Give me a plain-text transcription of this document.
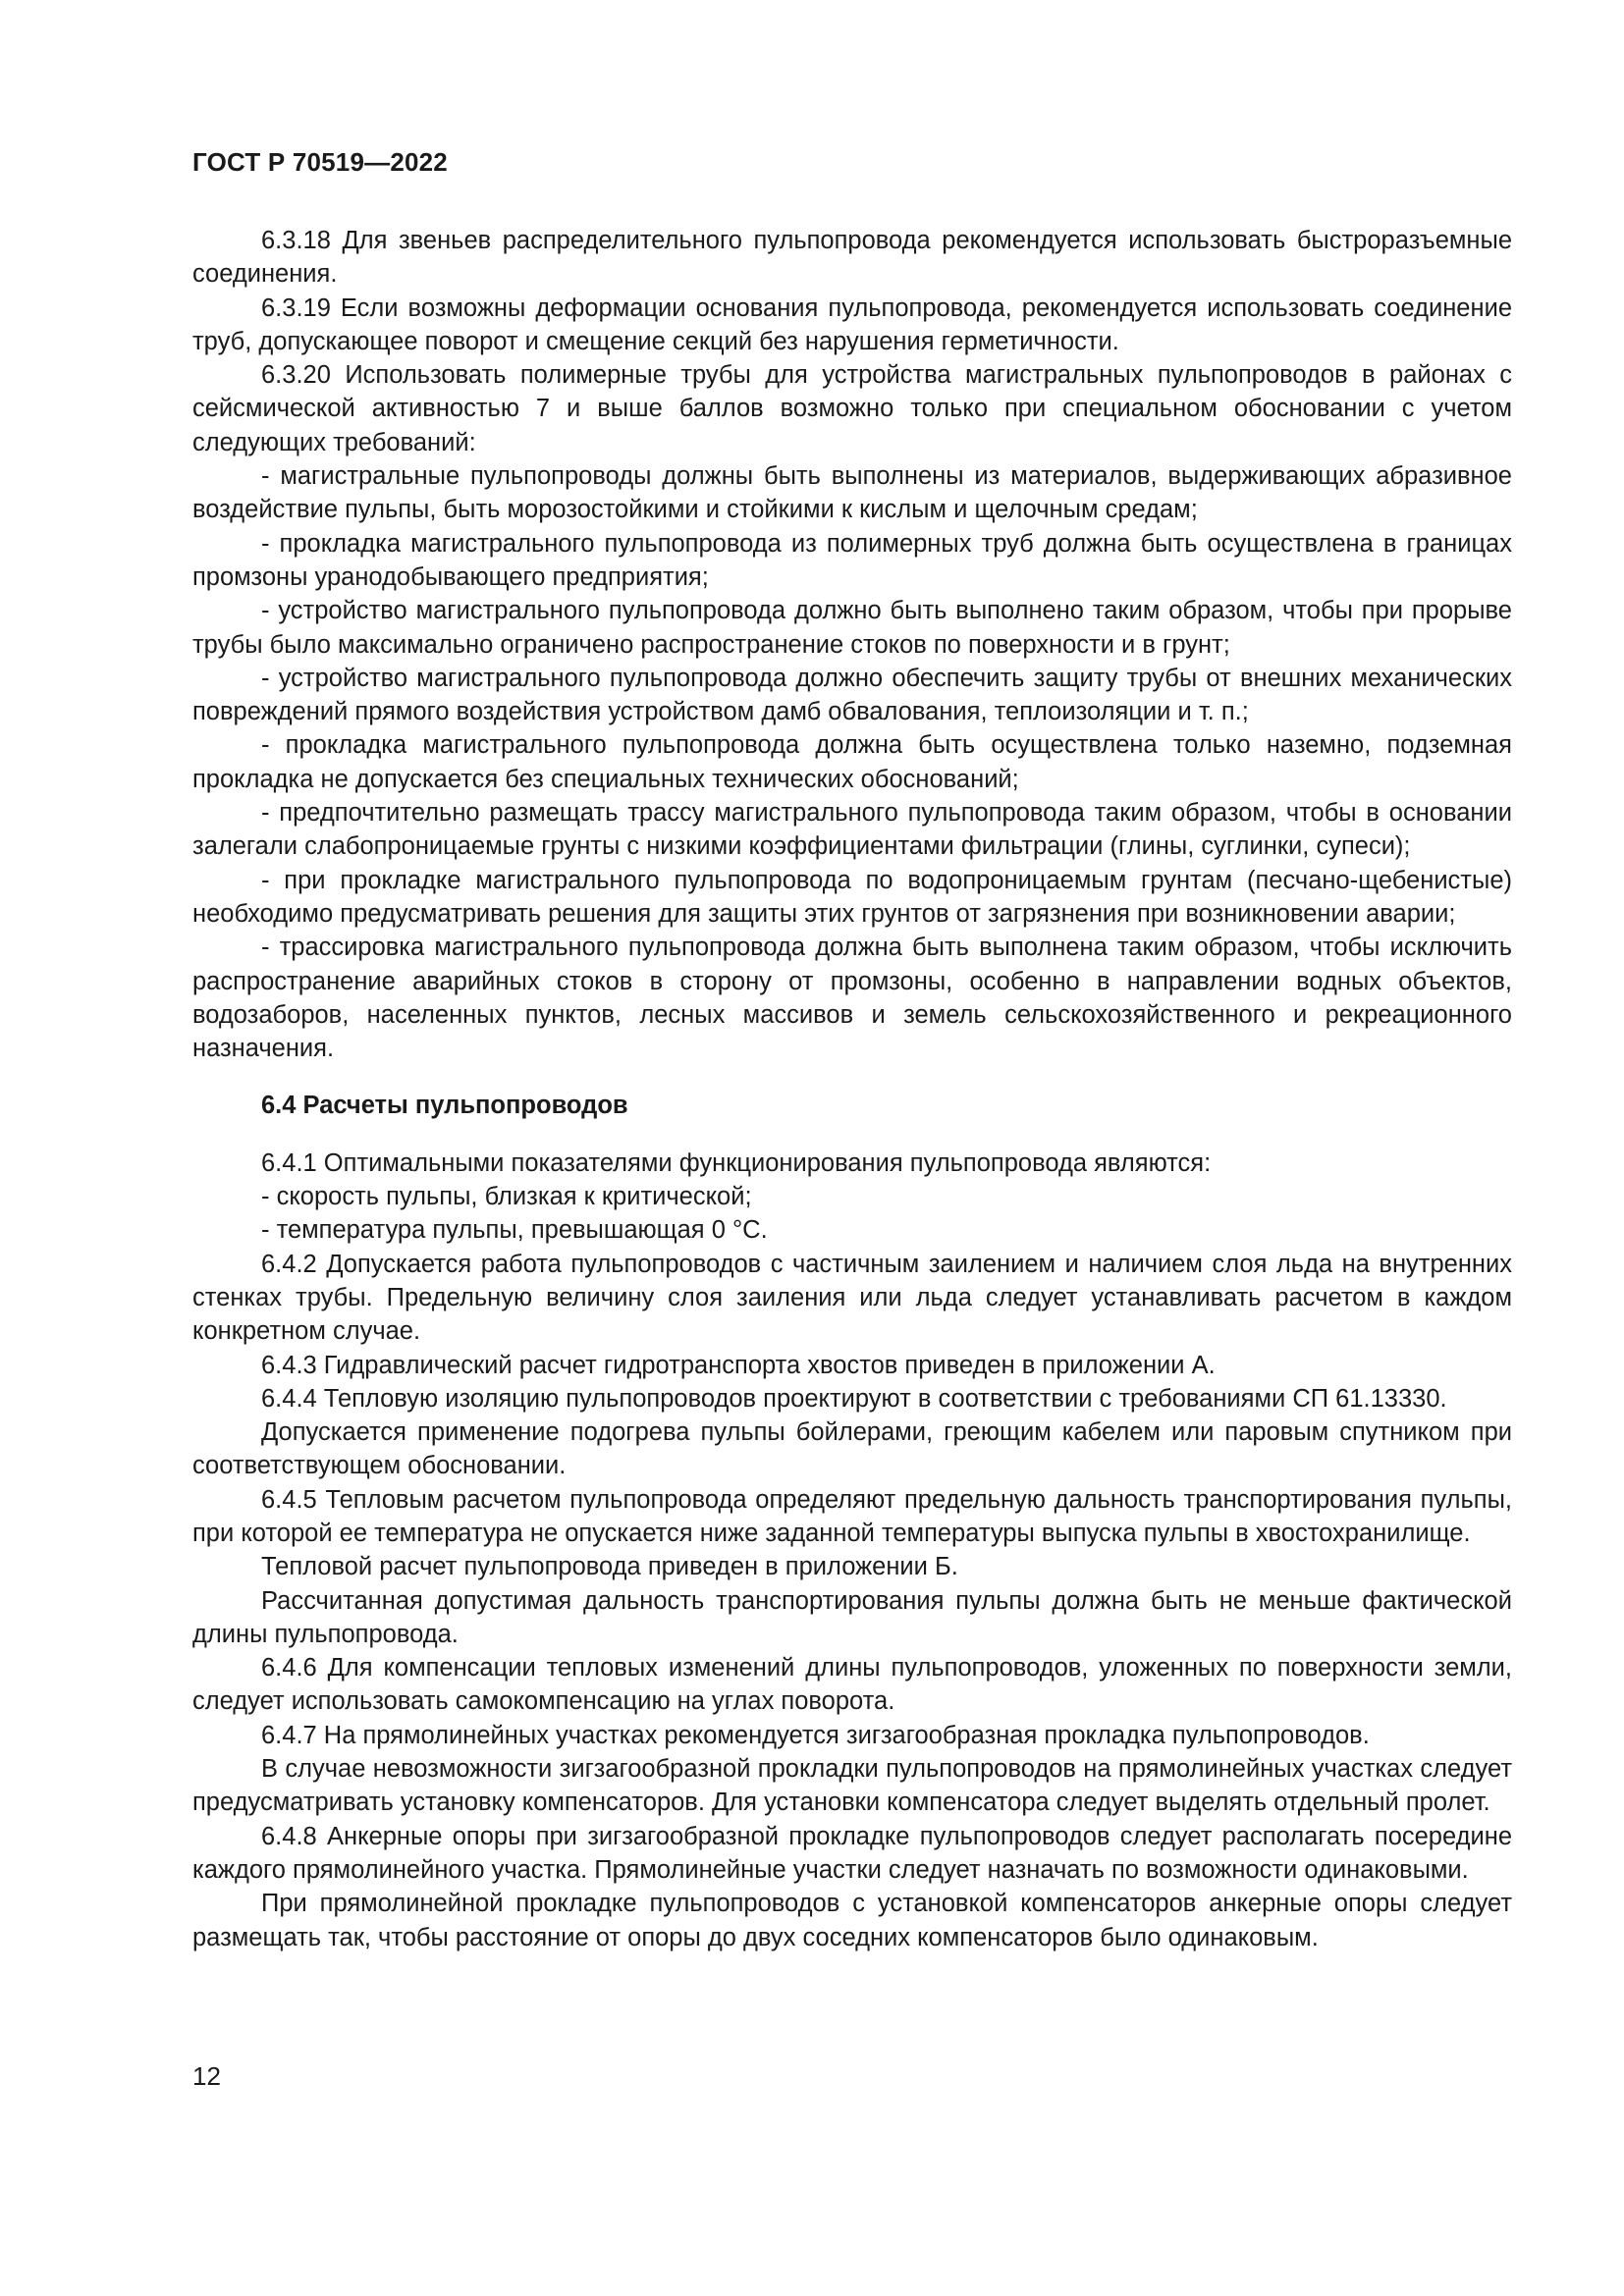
ГОСТ Р 70519—2022

6.3.18 Для звеньев распределительного пульпопровода рекомендуется использовать быстроразъемные соединения.

6.3.19 Если возможны деформации основания пульпопровода, рекомендуется использовать соединение труб, допускающее поворот и смещение секций без нарушения герметичности.

6.3.20 Использовать полимерные трубы для устройства магистральных пульпопроводов в районах с сейсмической активностью 7 и выше баллов возможно только при специальном обосновании с учетом следующих требований:

- магистральные пульпопроводы должны быть выполнены из материалов, выдерживающих абразивное воздействие пульпы, быть морозостойкими и стойкими к кислым и щелочным средам;

- прокладка магистрального пульпопровода из полимерных труб должна быть осуществлена в границах промзоны уранодобывающего предприятия;

- устройство магистрального пульпопровода должно быть выполнено таким образом, чтобы при прорыве трубы было максимально ограничено распространение стоков по поверхности и в грунт;

- устройство магистрального пульпопровода должно обеспечить защиту трубы от внешних механических повреждений прямого воздействия устройством дамб обвалования, теплоизоляции и т. п.;

- прокладка магистрального пульпопровода должна быть осуществлена только наземно, подземная прокладка не допускается без специальных технических обоснований;

- предпочтительно размещать трассу магистрального пульпопровода таким образом, чтобы в основании залегали слабопроницаемые грунты с низкими коэффициентами фильтрации (глины, суглинки, супеси);

- при прокладке магистрального пульпопровода по водопроницаемым грунтам (песчано-щебенистые) необходимо предусматривать решения для защиты этих грунтов от загрязнения при возникновении аварии;

- трассировка магистрального пульпопровода должна быть выполнена таким образом, чтобы исключить распространение аварийных стоков в сторону от промзоны, особенно в направлении водных объектов, водозаборов, населенных пунктов, лесных массивов и земель сельскохозяйственного и рекреационного назначения.

6.4 Расчеты пульпопроводов

6.4.1 Оптимальными показателями функционирования пульпопровода являются:

- скорость пульпы, близкая к критической;

- температура пульпы, превышающая 0 °С.

6.4.2 Допускается работа пульпопроводов с частичным заилением и наличием слоя льда на внутренних стенках трубы. Предельную величину слоя заиления или льда следует устанавливать расчетом в каждом конкретном случае.

6.4.3 Гидравлический расчет гидротранспорта хвостов приведен в приложении А.

6.4.4 Тепловую изоляцию пульпопроводов проектируют в соответствии с требованиями СП 61.13330.

Допускается применение подогрева пульпы бойлерами, греющим кабелем или паровым спутником при соответствующем обосновании.

6.4.5 Тепловым расчетом пульпопровода определяют предельную дальность транспортирования пульпы, при которой ее температура не опускается ниже заданной температуры выпуска пульпы в хвостохранилище.

Тепловой расчет пульпопровода приведен в приложении Б.

Рассчитанная допустимая дальность транспортирования пульпы должна быть не меньше фактической длины пульпопровода.

6.4.6 Для компенсации тепловых изменений длины пульпопроводов, уложенных по поверхности земли, следует использовать самокомпенсацию на углах поворота.

6.4.7 На прямолинейных участках рекомендуется зигзагообразная прокладка пульпопроводов.

В случае невозможности зигзагообразной прокладки пульпопроводов на прямолинейных участках следует предусматривать установку компенсаторов. Для установки компенсатора следует выделять отдельный пролет.

6.4.8 Анкерные опоры при зигзагообразной прокладке пульпопроводов следует располагать посередине каждого прямолинейного участка. Прямолинейные участки следует назначать по возможности одинаковыми.

При прямолинейной прокладке пульпопроводов с установкой компенсаторов анкерные опоры следует размещать так, чтобы расстояние от опоры до двух соседних компенсаторов было одинаковым.

12
